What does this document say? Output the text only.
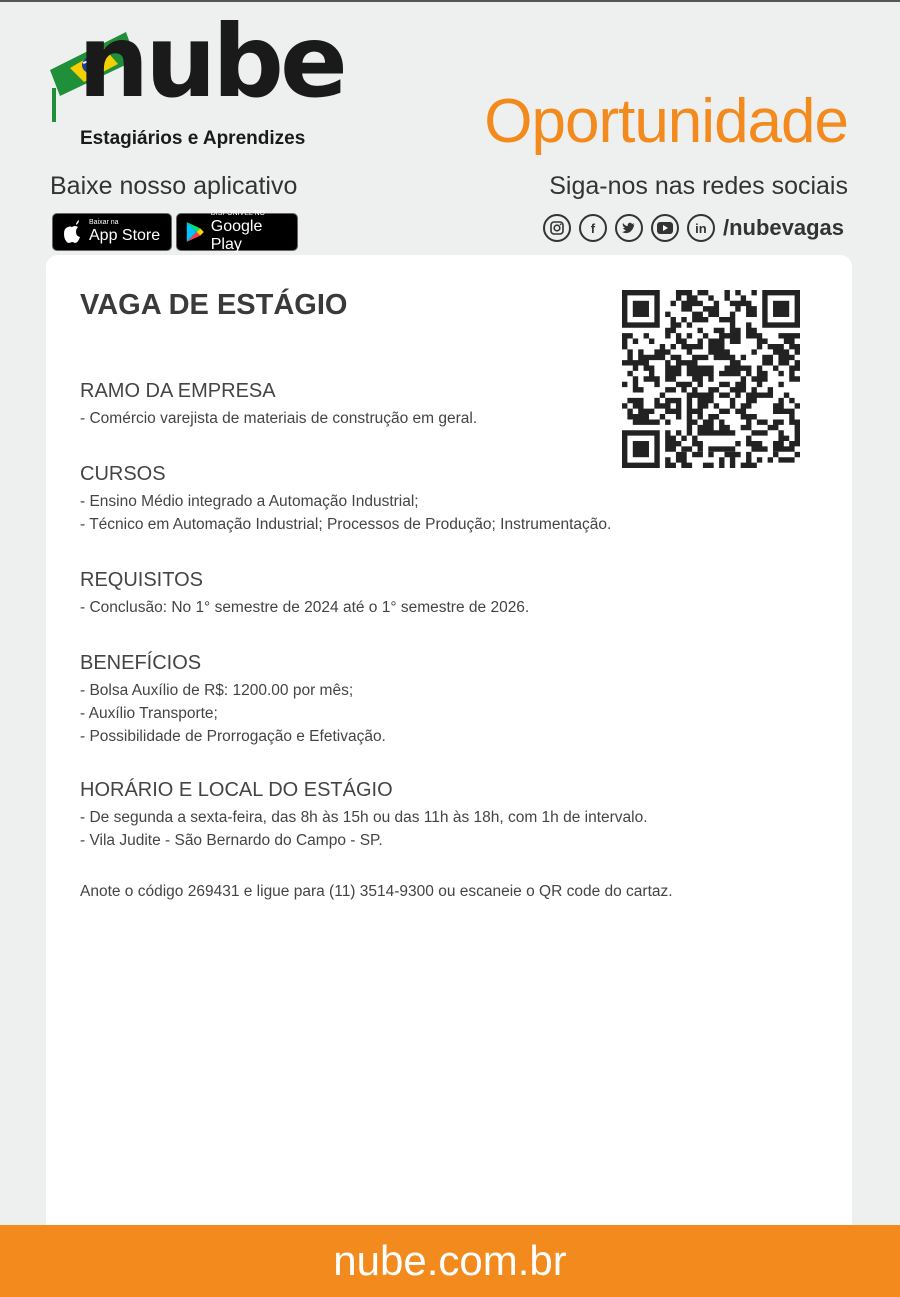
nube
Estagiários e Aprendizes	Oportunidade
Baixe nosso aplicativo	Siga-nos nas redes sociais
Baixar na
App Store
DISPONÍVEL NO
Google Play
f	in /nubevagas
VAGA DE ESTÁGIO
RAMO DA EMPRESA
- Comércio varejista de materiais de construção em geral.
CURSOS
- Ensino Médio integrado a Automação Industrial;
- Técnico em Automação Industrial; Processos de Produção; Instrumentação.
REQUISITOS
- Conclusão: No 1° semestre de 2024 até o 1° semestre de 2026.
BENEFÍCIOS
- Bolsa Auxílio de R$: 1200.00 por mês;
- Auxílio Transporte;
- Possibilidade de Prorrogação e Efetivação.
HORÁRIO E LOCAL DO ESTÁGIO
- De segunda a sexta-feira, das 8h às 15h ou das 11h às 18h, com 1h de intervalo.
- Vila Judite - São Bernardo do Campo - SP.
Anote o código 269431 e ligue para (11) 3514-9300 ou escaneie o QR code do cartaz.
nube.com.br
